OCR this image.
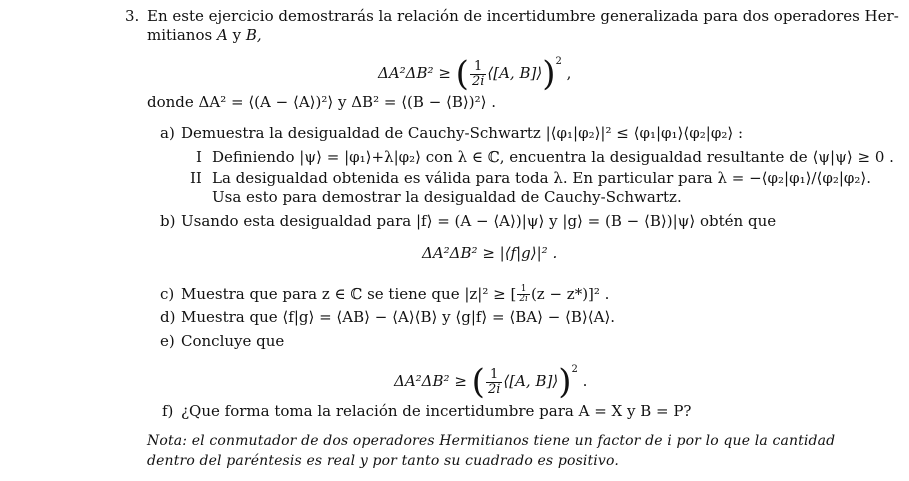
3. En este ejercicio demostrarás la relación de incertidumbre generalizada para dos operadores Her-
mitianos A y B,
ΔA²ΔB² ≥ ( $\frac{1}{2i}$ ⟨[A, B]⟩)$^2$ ,
donde ΔA² = ⟨(A − ⟨A⟩)²⟩ y ΔB² = ⟨(B − ⟨B⟩)²⟩ .
a) Demuestra la desigualdad de Cauchy-Schwartz |⟨φ₁|φ₂⟩|² ≤ ⟨φ₁|φ₁⟩⟨φ₂|φ₂⟩ :
I Definiendo |ψ⟩ = |φ₁⟩+λ|φ₂⟩ con λ ∈ ℂ, encuentra la desigualdad resultante de ⟨ψ|ψ⟩ ≥ 0 .
II La desigualdad obtenida es válida para toda λ. En particular para λ = −⟨φ₂|φ₁⟩/⟨φ₂|φ₂⟩.
Usa esto para demostrar la desigualdad de Cauchy-Schwartz.
b) Usando esta desigualdad para |f⟩ = (A − ⟨A⟩)|ψ⟩ y |g⟩ = (B − ⟨B⟩)|ψ⟩ obtén que
ΔA²ΔB² ≥ |⟨f|g⟩|² .
c) Muestra que para z ∈ ℂ se tiene que |z|² ≥ [ $\frac{1}{2i} (z - z*)]^2$ .
d) Muestra que ⟨f|g⟩ = ⟨AB⟩ − ⟨A⟩⟨B⟩ y ⟨g|f⟩ = ⟨BA⟩ − ⟨B⟩⟨A⟩.
e) Concluye que
ΔA²ΔB² ≥ ( $\frac{1}{2i}$ ⟨[A, B]⟩)$^2$ .
f) ¿Que forma toma la relación de incertidumbre para A = X y B = P?
Nota: el conmutador de dos operadores Hermitianos tiene un factor de i por lo que la cantidad
dentro del paréntesis es real y por tanto su cuadrado es positivo.
